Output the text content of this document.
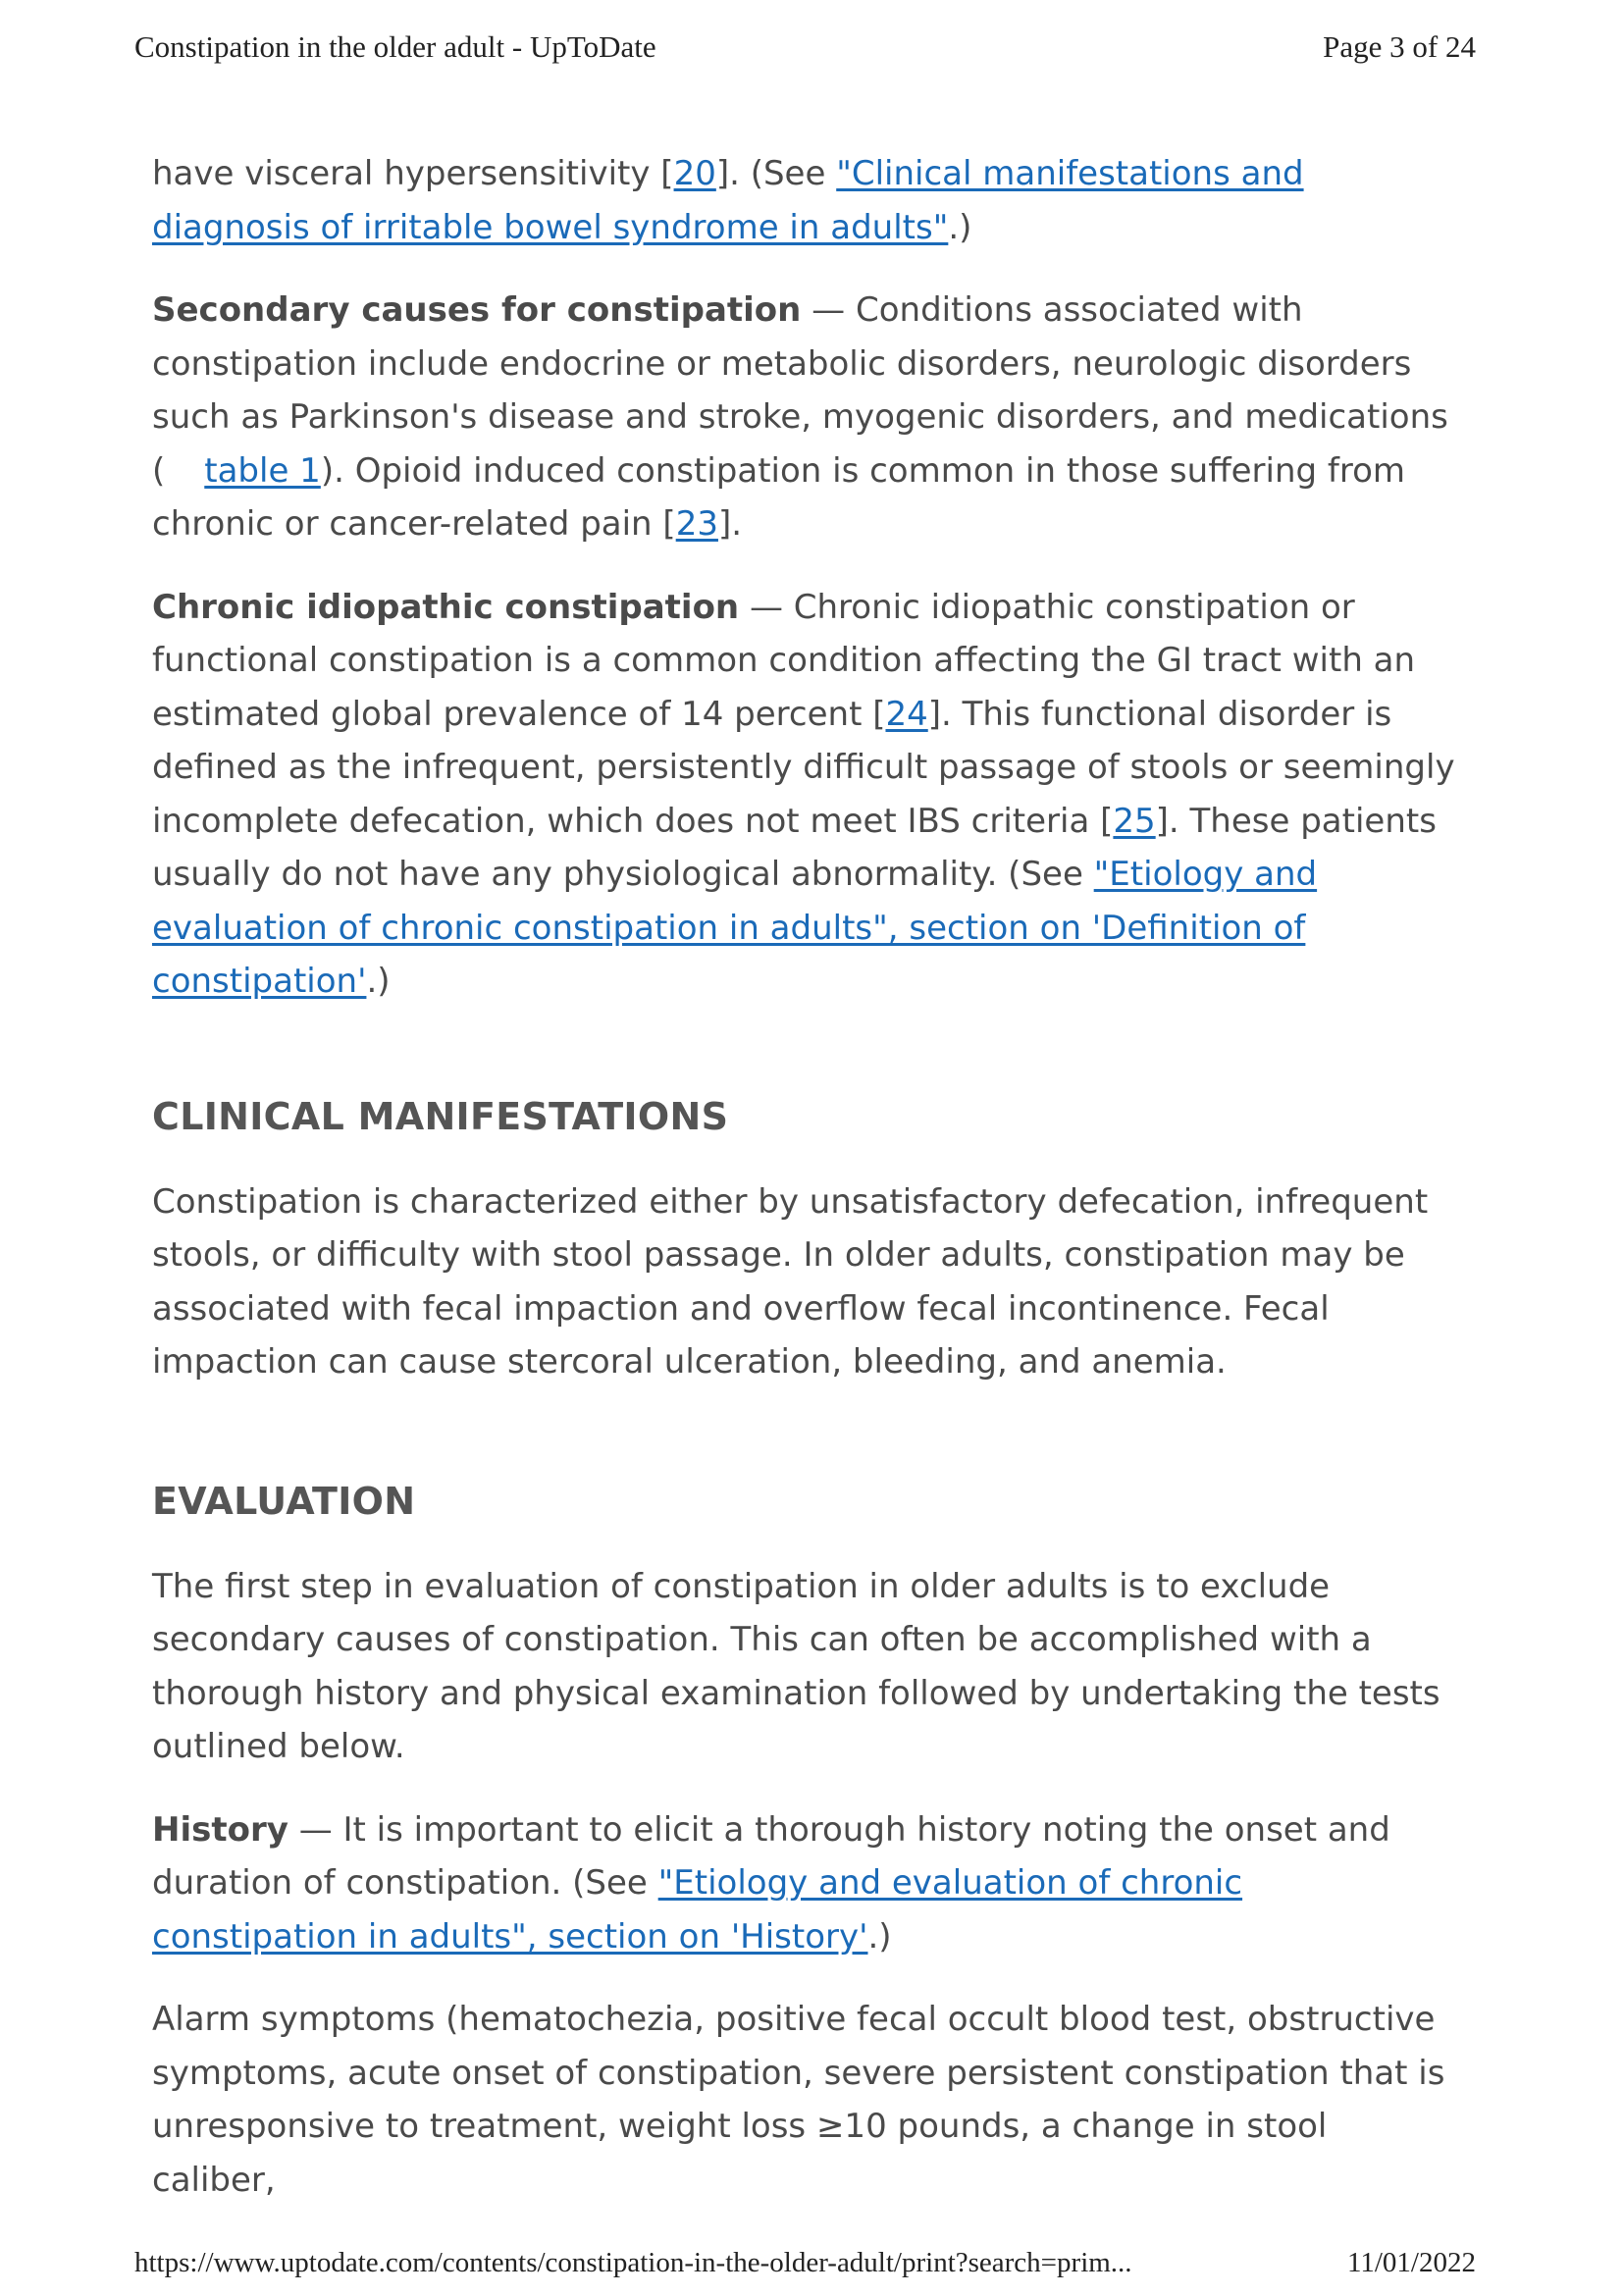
Constipation in the older adult - UpToDate	Page 3 of 24

have visceral hypersensitivity [20]. (See "Clinical manifestations and diagnosis of irritable bowel syndrome in adults".)

Secondary causes for constipation — Conditions associated with constipation include endocrine or metabolic disorders, neurologic disorders such as Parkinson's disease and stroke, myogenic disorders, and medications ( table 1). Opioid induced constipation is common in those suffering from chronic or cancer-related pain [23].

Chronic idiopathic constipation — Chronic idiopathic constipation or functional constipation is a common condition affecting the GI tract with an estimated global prevalence of 14 percent [24]. This functional disorder is defined as the infrequent, persistently difficult passage of stools or seemingly incomplete defecation, which does not meet IBS criteria [25]. These patients usually do not have any physiological abnormality. (See "Etiology and evaluation of chronic constipation in adults", section on 'Definition of constipation'.)

CLINICAL MANIFESTATIONS

Constipation is characterized either by unsatisfactory defecation, infrequent stools, or difficulty with stool passage. In older adults, constipation may be associated with fecal impaction and overflow fecal incontinence. Fecal impaction can cause stercoral ulceration, bleeding, and anemia.

EVALUATION

The first step in evaluation of constipation in older adults is to exclude secondary causes of constipation. This can often be accomplished with a thorough history and physical examination followed by undertaking the tests outlined below.

History — It is important to elicit a thorough history noting the onset and duration of constipation. (See "Etiology and evaluation of chronic constipation in adults", section on 'History'.)

Alarm symptoms (hematochezia, positive fecal occult blood test, obstructive symptoms, acute onset of constipation, severe persistent constipation that is unresponsive to treatment, weight loss ≥10 pounds, a change in stool caliber,

https://www.uptodate.com/contents/constipation-in-the-older-adult/print?search=prim...	11/01/2022
